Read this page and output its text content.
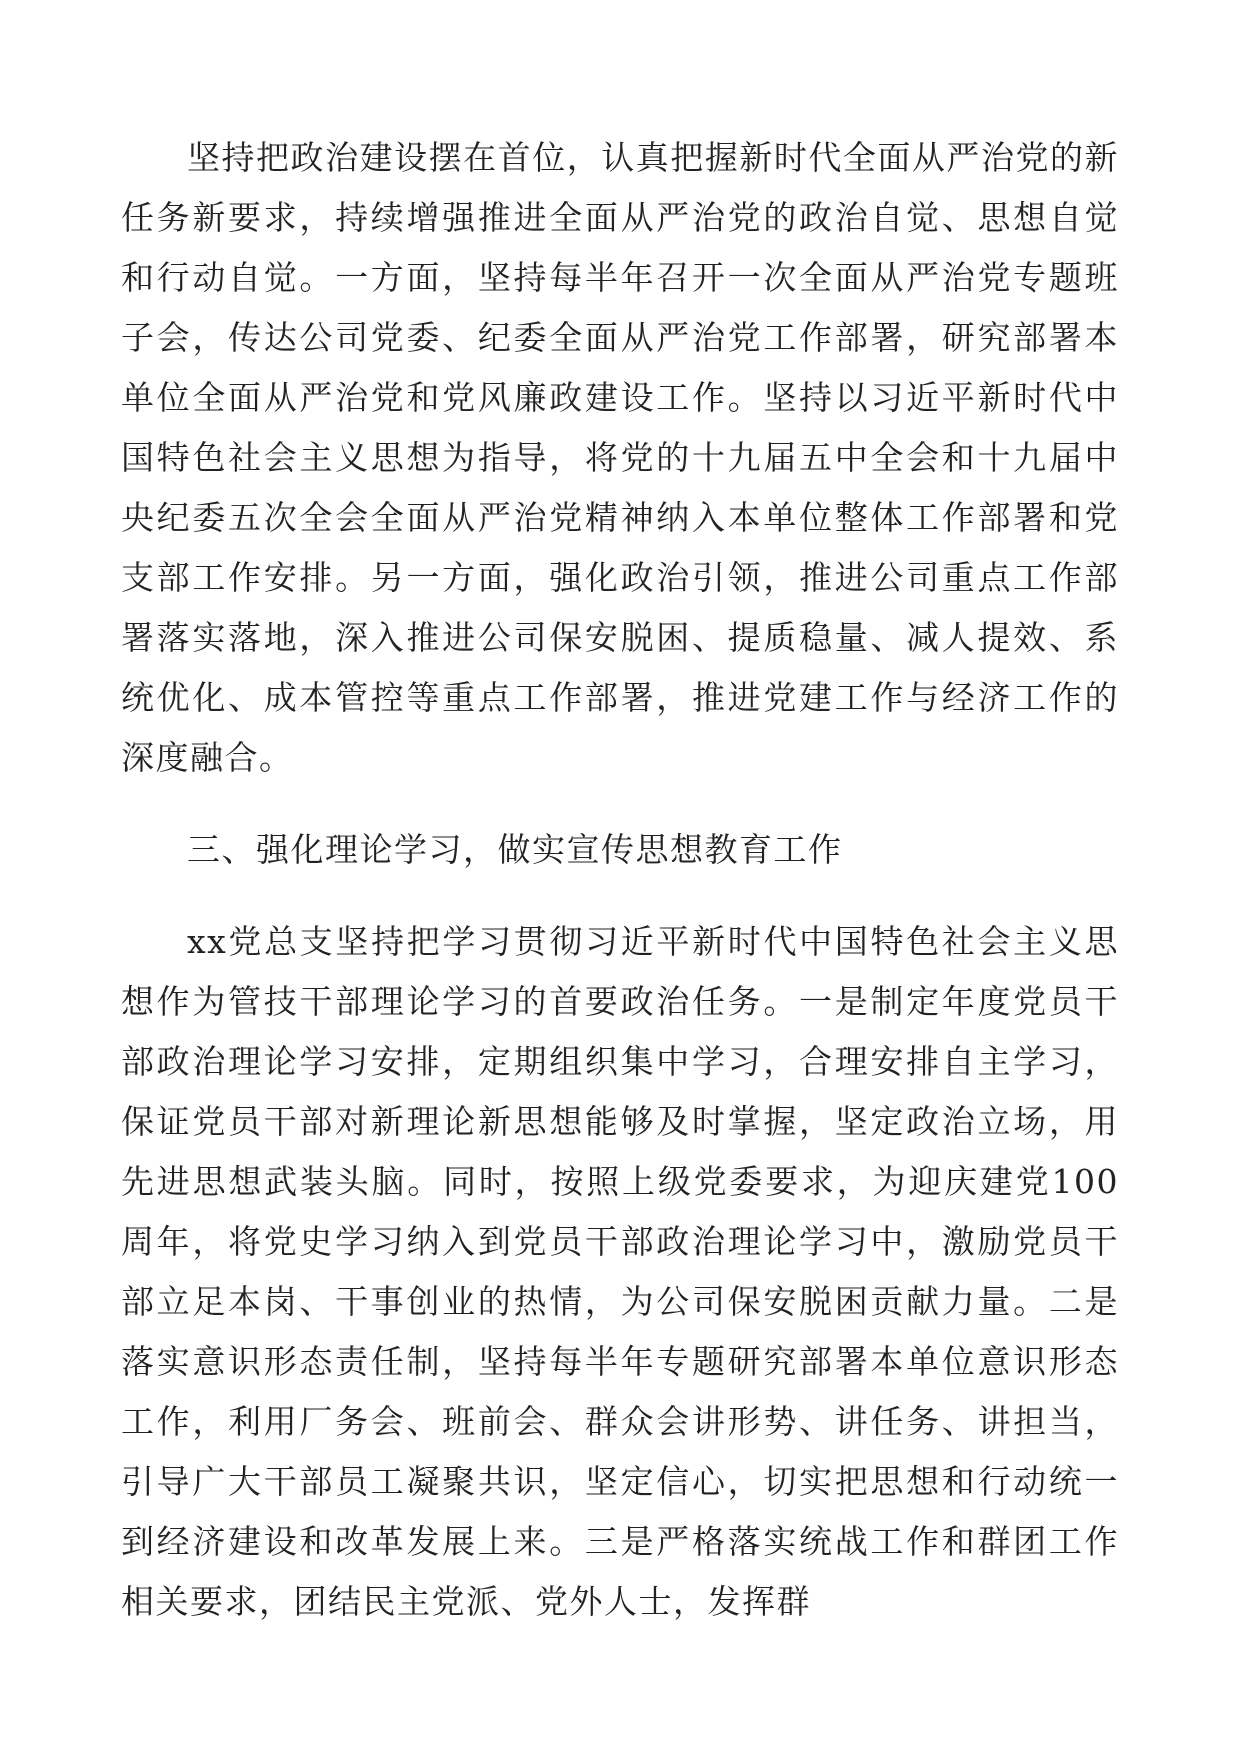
坚持把政治建设摆在首位，认真把握新时代全面从严治党的新任务新要求，持续增强推进全面从严治党的政治自觉、思想自觉和行动自觉。一方面，坚持每半年召开一次全面从严治党专题班子会，传达公司党委、纪委全面从严治党工作部署，研究部署本单位全面从严治党和党风廉政建设工作。坚持以习近平新时代中国特色社会主义思想为指导，将党的十九届五中全会和十九届中央纪委五次全会全面从严治党精神纳入本单位整体工作部署和党支部工作安排。另一方面，强化政治引领，推进公司重点工作部署落实落地，深入推进公司保安脱困、提质稳量、减人提效、系统优化、成本管控等重点工作部署，推进党建工作与经济工作的深度融合。

三、强化理论学习，做实宣传思想教育工作

xx党总支坚持把学习贯彻习近平新时代中国特色社会主义思想作为管技干部理论学习的首要政治任务。一是制定年度党员干部政治理论学习安排，定期组织集中学习，合理安排自主学习，保证党员干部对新理论新思想能够及时掌握，坚定政治立场，用先进思想武装头脑。同时，按照上级党委要求，为迎庆建党100周年，将党史学习纳入到党员干部政治理论学习中，激励党员干部立足本岗、干事创业的热情，为公司保安脱困贡献力量。二是落实意识形态责任制，坚持每半年专题研究部署本单位意识形态工作，利用厂务会、班前会、群众会讲形势、讲任务、讲担当，引导广大干部员工凝聚共识，坚定信心，切实把思想和行动统一到经济建设和改革发展上来。三是严格落实统战工作和群团工作相关要求，团结民主党派、党外人士，发挥群
